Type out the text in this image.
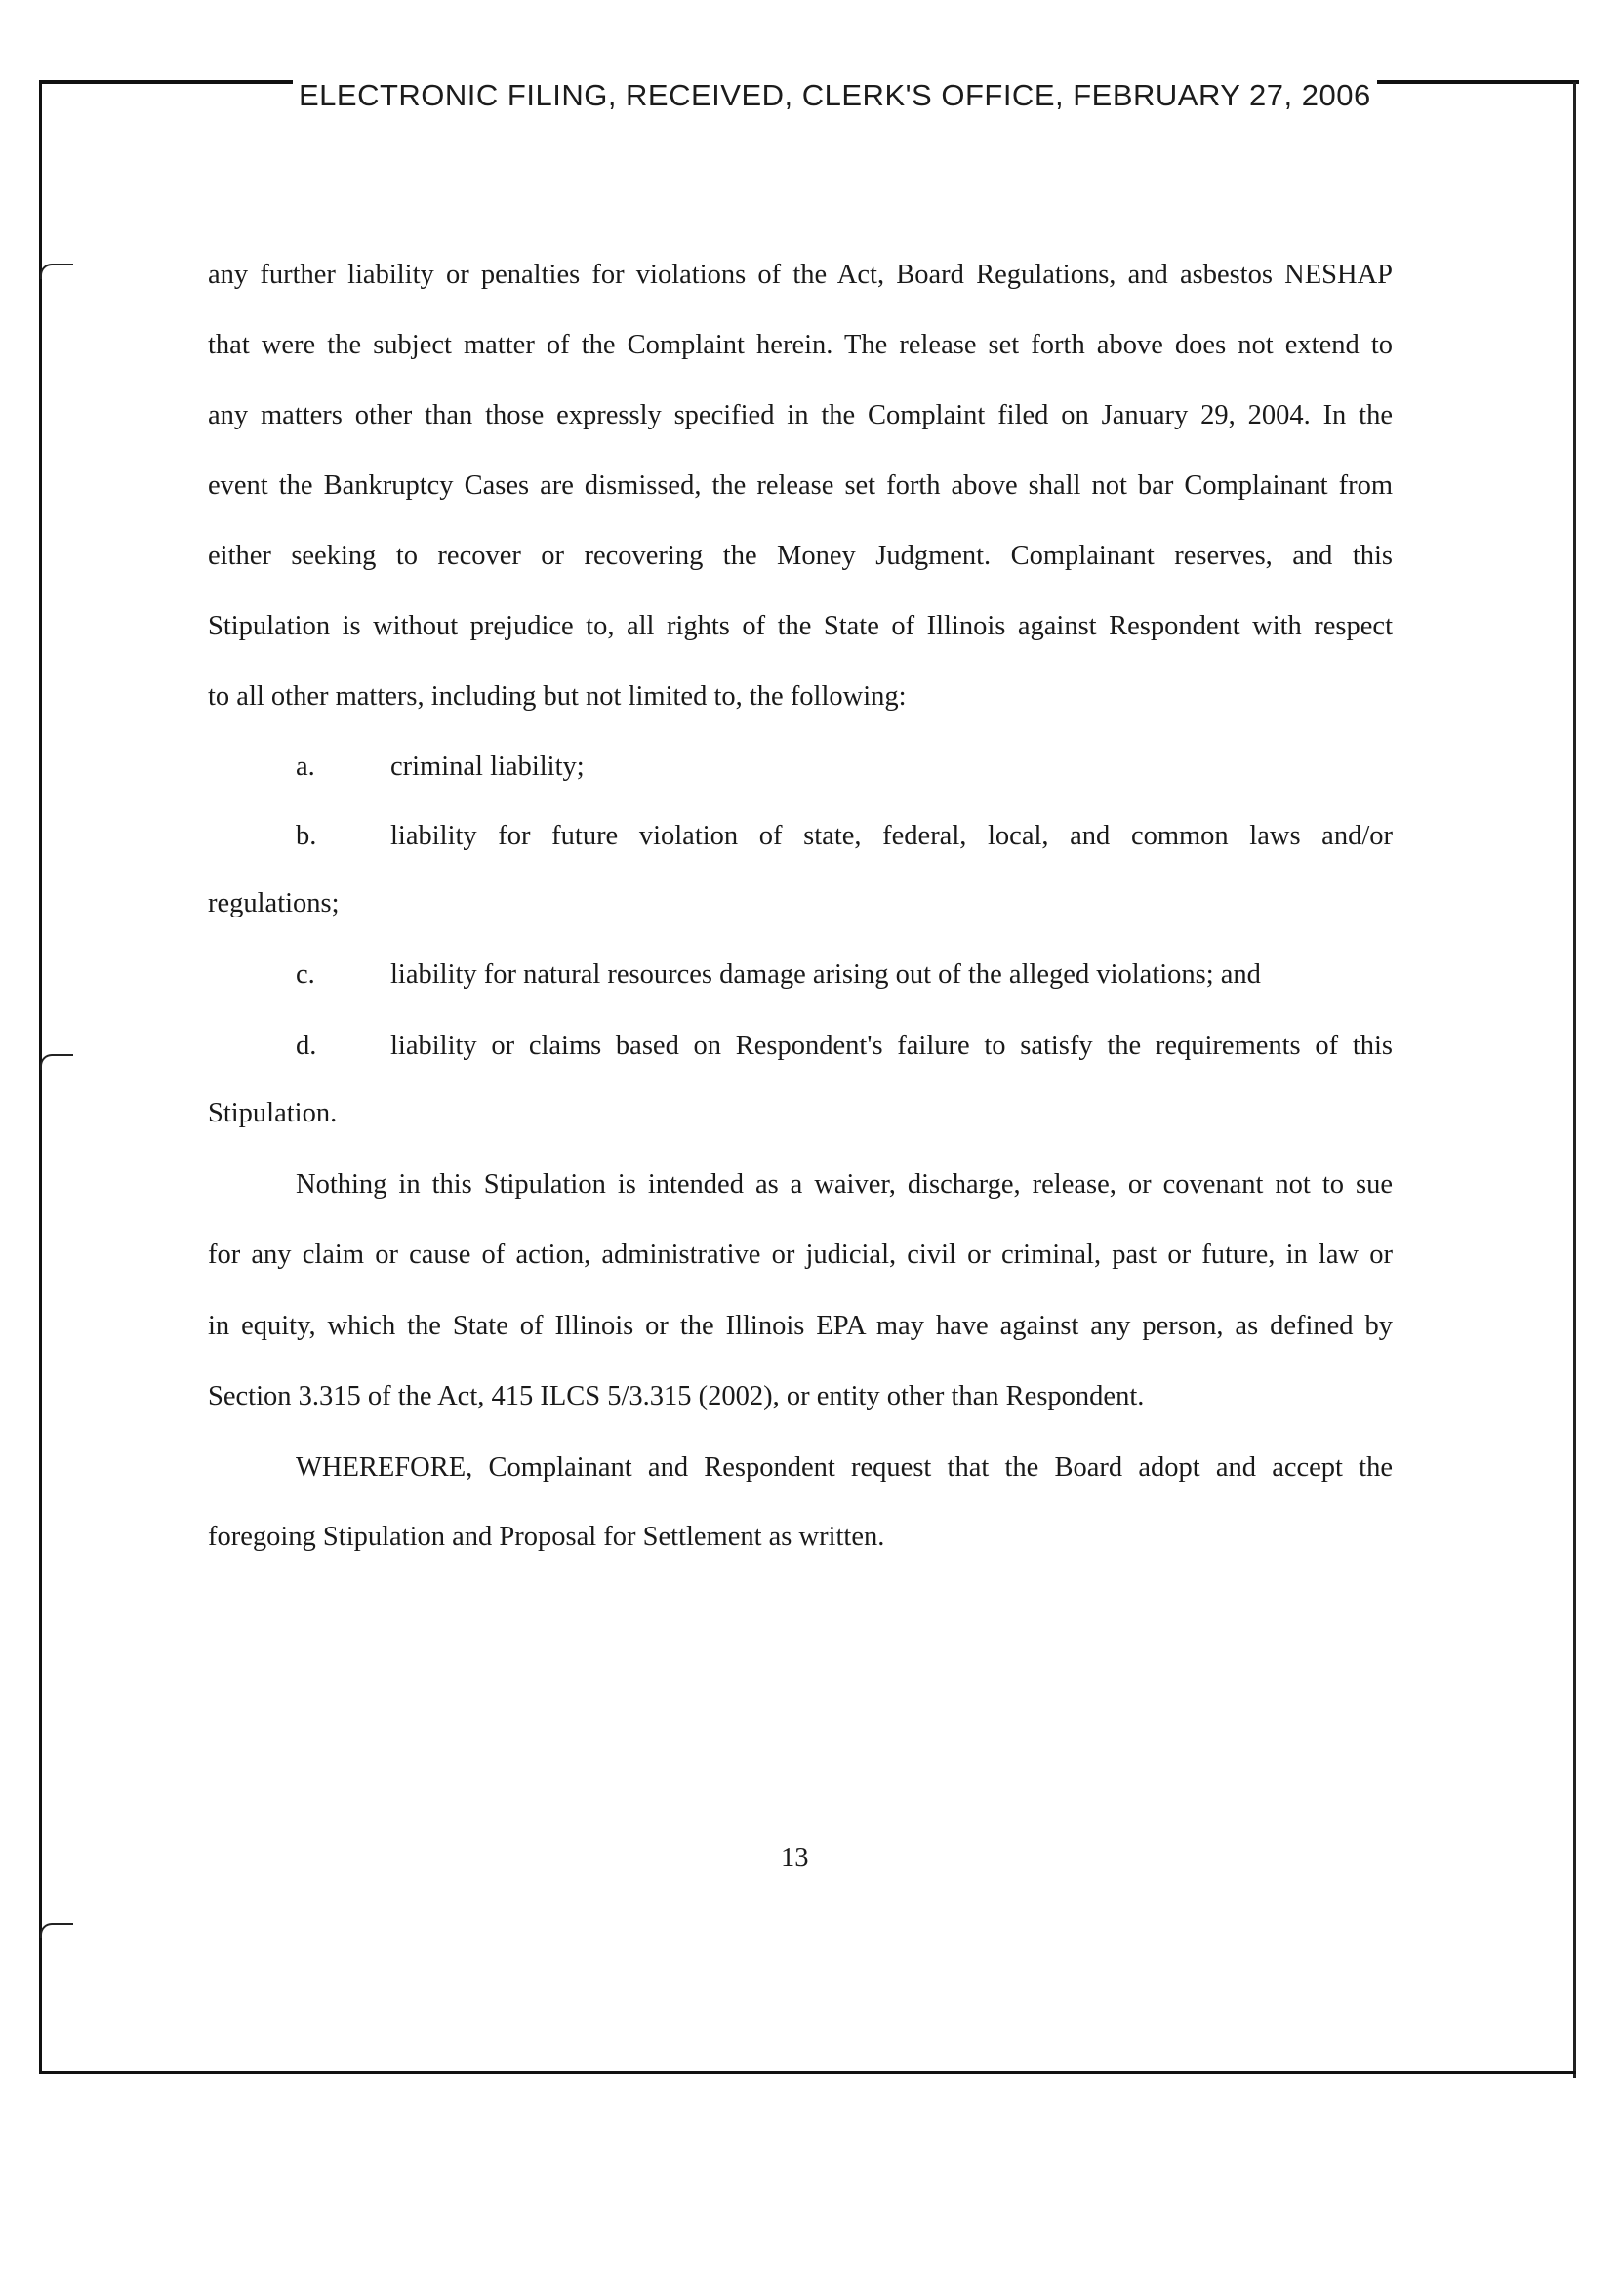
ELECTRONIC FILING, RECEIVED, CLERK'S OFFICE, FEBRUARY 27, 2006
any further liability or penalties for violations of the Act, Board Regulations, and asbestos NESHAP
that were the subject matter of the Complaint herein. The release set forth above does not extend to
any matters other than those expressly specified in the Complaint filed on January 29, 2004. In the
event the Bankruptcy Cases are dismissed, the release set forth above shall not bar Complainant from
either seeking to recover or recovering the Money Judgment. Complainant reserves, and this
Stipulation is without prejudice to, all rights of the State of Illinois against Respondent with respect
to all other matters, including but not limited to, the following:
a.	criminal liability;
b.	liability for future violation of state, federal, local, and common laws and/or
regulations;
c.	liability for natural resources damage arising out of the alleged violations; and
d.	liability or claims based on Respondent's failure to satisfy the requirements of this
Stipulation.
Nothing in this Stipulation is intended as a waiver, discharge, release, or covenant not to sue
for any claim or cause of action, administrative or judicial, civil or criminal, past or future, in law or
in equity, which the State of Illinois or the Illinois EPA may have against any person, as defined by
Section 3.315 of the Act, 415 ILCS 5/3.315 (2002), or entity other than Respondent.
WHEREFORE, Complainant and Respondent request that the Board adopt and accept the
foregoing Stipulation and Proposal for Settlement as written.
13
